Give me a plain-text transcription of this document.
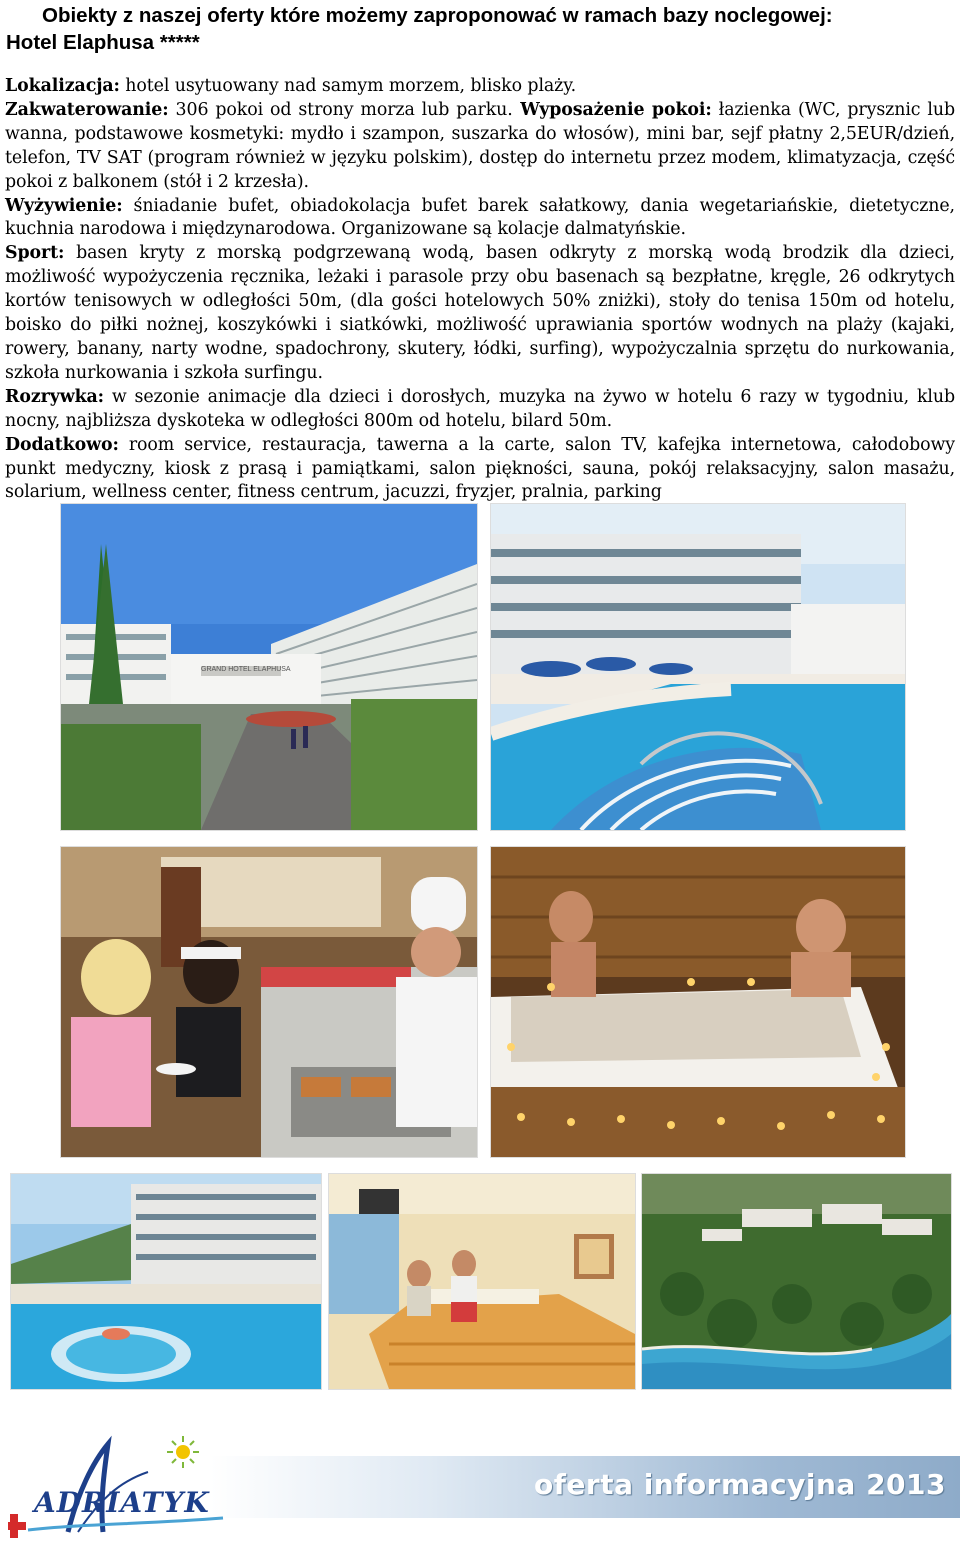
Obiekty z naszej oferty które możemy zaproponować w ramach bazy noclegowej:
Hotel Elaphusa *****

Lokalizacja: hotel usytuowany nad samym morzem, blisko plaży.

Zakwaterowanie: 306 pokoi od strony morza lub parku. Wyposażenie pokoi: łazienka (WC, prysznic lub wanna, podstawowe kosmetyki: mydło i szampon, suszarka do włosów), mini bar, sejf płatny 2,5EUR/dzień, telefon, TV SAT (program również w języku polskim), dostęp do internetu przez modem, klimatyzacja, część pokoi z balkonem (stół i 2 krzesła).

Wyżywienie: śniadanie bufet, obiadokolacja bufet barek sałatkowy, dania wegetariańskie, dietetyczne, kuchnia narodowa i międzynarodowa. Organizowane są kolacje dalmatyńskie.

Sport: basen kryty z morską podgrzewaną wodą, basen odkryty z morską wodą brodzik dla dzieci, możliwość wypożyczenia ręcznika, leżaki i parasole przy obu basenach są bezpłatne, kręgle, 26 odkrytych kortów tenisowych w odległości 50m, (dla gości hotelowych 50% zniżki), stoły do tenisa 150m od hotelu, boisko do piłki nożnej, koszykówki i siatkówki, możliwość uprawiania sportów wodnych na plaży (kajaki, rowery, banany, narty wodne, spadochrony, skutery, łódki, surfing), wypożyczalnia sprzętu do nurkowania, szkoła nurkowania i szkoła surfingu.

Rozrywka: w sezonie animacje dla dzieci i dorosłych, muzyka na żywo w hotelu 6 razy w tygodniu, klub nocny, najbliższa dyskoteka w odległości 800m od hotelu, bilard 50m.

Dodatkowo: room service, restauracja, tawerna a la carte, salon TV, kafejka internetowa, całodobowy punkt medyczny, kiosk z prasą i pamiątkami, salon piękności, sauna, pokój relaksacyjny, salon masażu, solarium, wellness center, fitness centrum, jacuzzi, fryzjer, pralnia, parking

GRAND HOTEL ELAPHUSA
oferta informacyjna 2013
ADRIATYK
